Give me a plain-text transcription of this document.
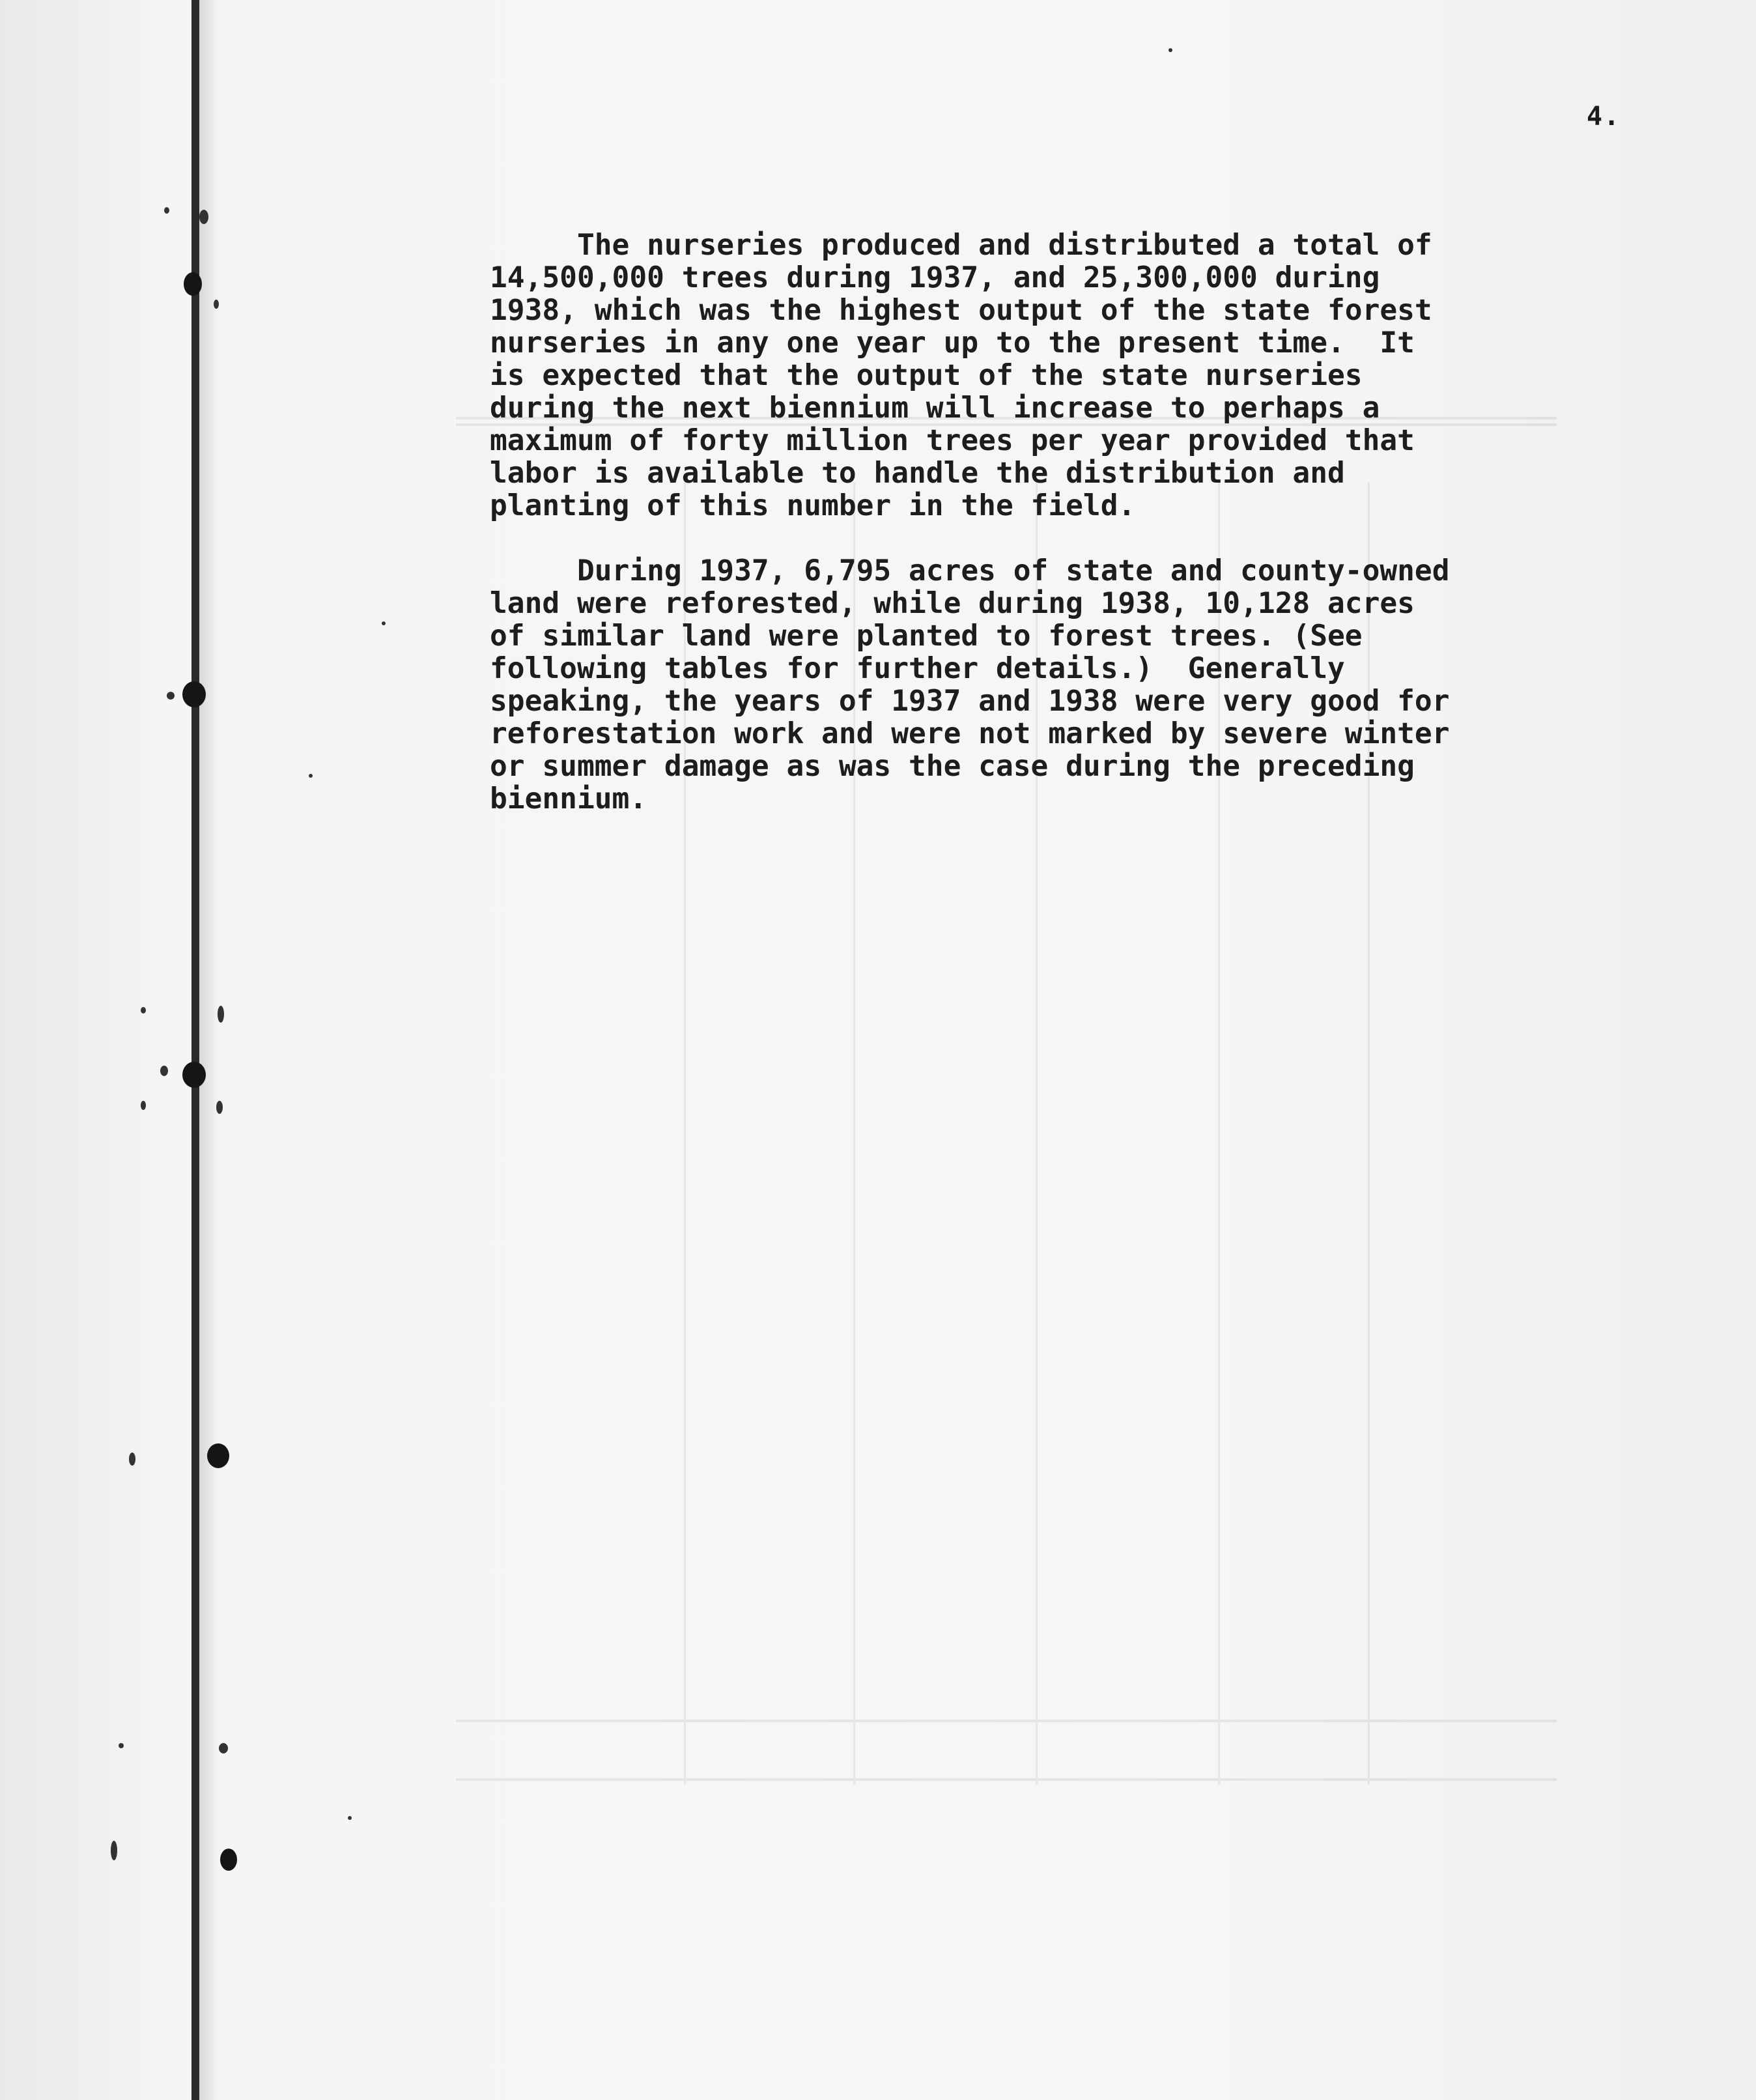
4.

The nurseries produced and distributed a total of
14,500,000 trees during 1937, and 25,300,000 during
1938, which was the highest output of the state forest
nurseries in any one year up to the present time.  It
is expected that the output of the state nurseries
during the next biennium will increase to perhaps a
maximum of forty million trees per year provided that
labor is available to handle the distribution and
planting of this number in the field.

During 1937, 6,795 acres of state and county-owned
land were reforested, while during 1938, 10,128 acres
of similar land were planted to forest trees. (See
following tables for further details.)  Generally
speaking, the years of 1937 and 1938 were very good for
reforestation work and were not marked by severe winter
or summer damage as was the case during the preceding
biennium.
